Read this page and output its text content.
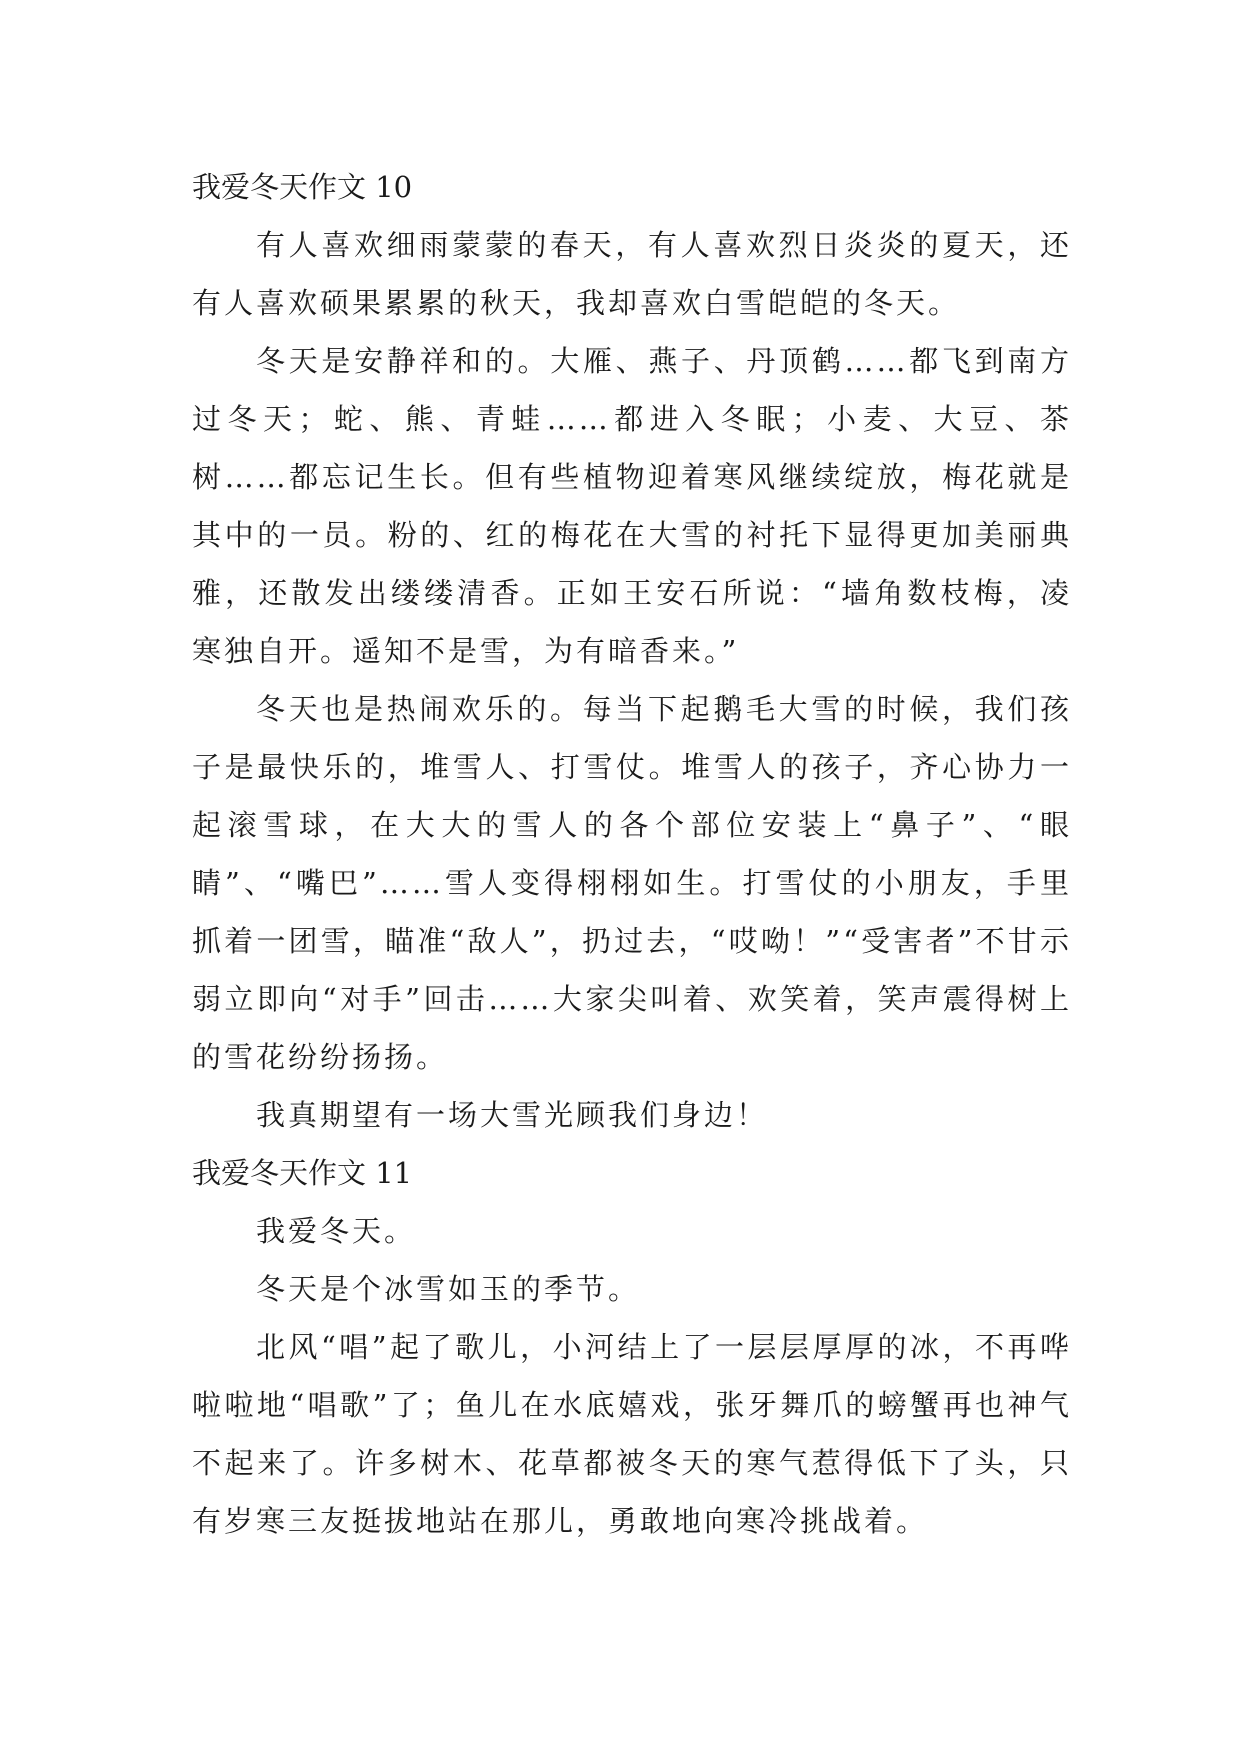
我爱冬天作文 10

有人喜欢细雨蒙蒙的春天，有人喜欢烈日炎炎的夏天，还有人喜欢硕果累累的秋天，我却喜欢白雪皑皑的冬天。

冬天是安静祥和的。大雁、燕子、丹顶鹤……都飞到南方过冬天；蛇、熊、青蛙……都进入冬眠；小麦、大豆、茶树……都忘记生长。但有些植物迎着寒风继续绽放，梅花就是其中的一员。粉的、红的梅花在大雪的衬托下显得更加美丽典雅，还散发出缕缕清香。正如王安石所说：“墙角数枝梅，凌寒独自开。遥知不是雪，为有暗香来。”

冬天也是热闹欢乐的。每当下起鹅毛大雪的时候，我们孩子是最快乐的，堆雪人、打雪仗。堆雪人的孩子，齐心协力一起滚雪球，在大大的雪人的各个部位安装上“鼻子”、“眼睛”、“嘴巴”……雪人变得栩栩如生。打雪仗的小朋友，手里抓着一团雪，瞄准“敌人”，扔过去，“哎呦！”“受害者”不甘示弱立即向“对手”回击……大家尖叫着、欢笑着，笑声震得树上的雪花纷纷扬扬。

我真期望有一场大雪光顾我们身边！

我爱冬天作文 11

我爱冬天。

冬天是个冰雪如玉的季节。

北风“唱”起了歌儿，小河结上了一层层厚厚的冰，不再哗啦啦地“唱歌”了；鱼儿在水底嬉戏，张牙舞爪的螃蟹再也神气不起来了。许多树木、花草都被冬天的寒气惹得低下了头，只有岁寒三友挺拔地站在那儿，勇敢地向寒冷挑战着。
